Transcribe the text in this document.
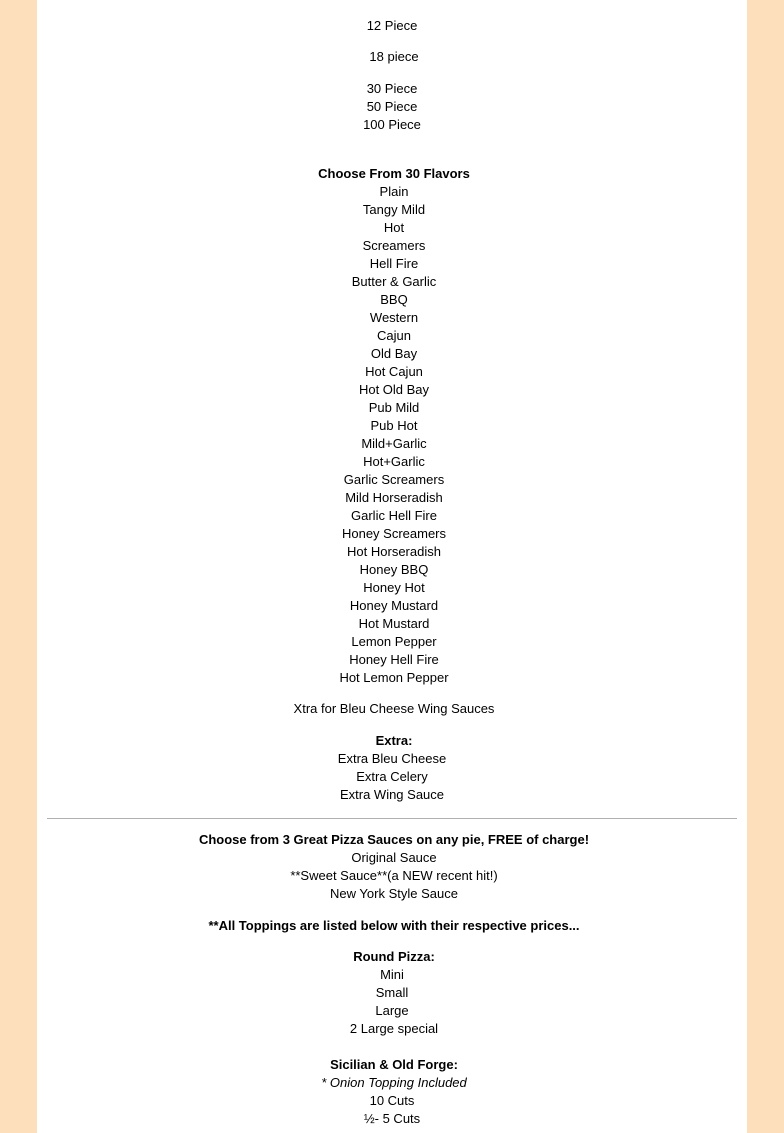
12 Piece
18 piece
30 Piece
50 Piece
100 Piece
Choose From 30 Flavors
Plain
Tangy Mild
Hot
Screamers
Hell Fire
Butter & Garlic
BBQ
Western
Cajun
Old Bay
Hot Cajun
Hot Old Bay
Pub Mild
Pub Hot
Mild+Garlic
Hot+Garlic
Garlic Screamers
Mild Horseradish
Garlic Hell Fire
Honey Screamers
Hot Horseradish
Honey BBQ
Honey Hot
Honey Mustard
Hot Mustard
Lemon Pepper
Honey Hell Fire
Hot Lemon Pepper
Xtra for Bleu Cheese Wing Sauces
Extra:
Extra Bleu Cheese
Extra Celery
Extra Wing Sauce
Choose from 3 Great Pizza Sauces on any pie, FREE of charge!
Original Sauce
**Sweet Sauce**(a NEW recent hit!)
New York Style Sauce
**All Toppings are listed below with their respective prices...
Round Pizza:
Mini
Small
Large
2 Large special
Sicilian & Old Forge:
* Onion Topping Included
10 Cuts
½- 5 Cuts
